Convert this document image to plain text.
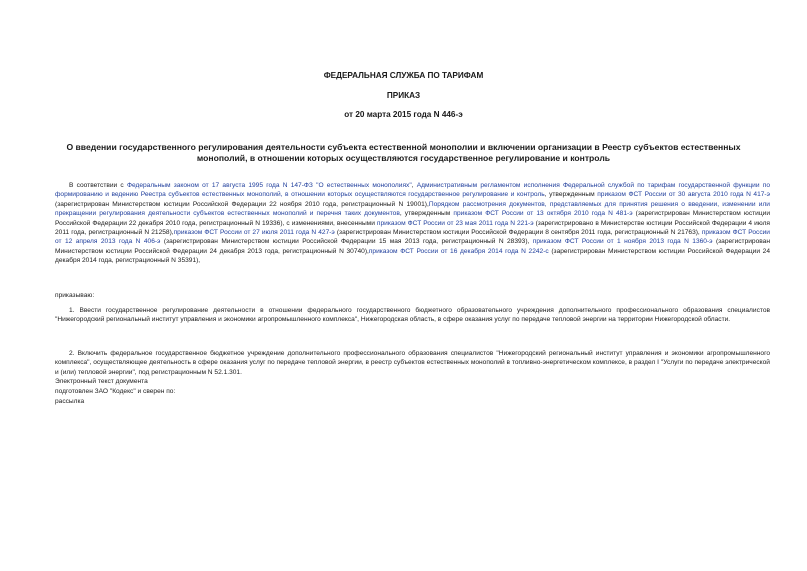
ФЕДЕРАЛЬНАЯ СЛУЖБА ПО ТАРИФАМ
ПРИКАЗ
от 20 марта 2015 года N 446-э
О введении государственного регулирования деятельности субъекта естественной монополии и включении организации в Реестр субъектов естественных монополий, в отношении которых осуществляются государственное регулирование и контроль

В соответствии с Федеральным законом от 17 августа 1995 года N 147-ФЗ "О естественных монополиях", Административным регламентом исполнения Федеральной службой по тарифам государственной функции по формированию и ведению Реестра субъектов естественных монополий, в отношении которых осуществляются государственное регулирование и контроль, утвержденным приказом ФСТ России от 30 августа 2010 года N 417-э (зарегистрирован Министерством юстиции Российской Федерации 22 ноября 2010 года, регистрационный N 19001),Порядком рассмотрения документов, представляемых для принятия решения о введении, изменении или прекращении регулирования деятельности субъектов естественных монополий и перечня таких документов, утвержденным приказом ФСТ России от 13 октября 2010 года N 481-э (зарегистрирован Министерством юстиции Российской Федерации 22 декабря 2010 года, регистрационный N 19336), с изменениями, внесенными приказом ФСТ России от 23 мая 2011 года N 221-э (зарегистрировано в Министерстве юстиции Российской Федерации 4 июля 2011 года, регистрационный N 21258),приказом ФСТ России от 27 июля 2011 года N 427-э (зарегистрирован Министерством юстиции Российской Федерации 8 сентября 2011 года, регистрационный N 21763), приказом ФСТ России от 12 апреля 2013 года N 406-э (зарегистрирован Министерством юстиции Российской Федерации 15 мая 2013 года, регистрационный N 28393), приказом ФСТ России от 1 ноября 2013 года N 1360-э (зарегистрирован Министерством юстиции Российской Федерации 24 декабря 2013 года, регистрационный N 30740),приказом ФСТ России от 16 декабря 2014 года N 2242-с (зарегистрирован Министерством юстиции Российской Федерации 24 декабря 2014 года, регистрационный N 35391),

приказываю:

1. Ввести государственное регулирование деятельности в отношении федерального государственного бюджетного образовательного учреждения дополнительного профессионального образования специалистов "Нижегородский региональный институт управления и экономики агропромышленного комплекса", Нижегородская область, в сфере оказания услуг по передаче тепловой энергии на территории Нижегородской области.

2. Включить федеральное государственное бюджетное учреждение дополнительного профессионального образования специалистов "Нижегородский региональный институт управления и экономики агропромышленного комплекса", осуществляющее деятельность в сфере оказания услуг по передаче тепловой энергии, в реестр субъектов естественных монополий в топливно-энергетическом комплексе, в раздел I "Услуги по передаче электрической и (или) тепловой энергии", под регистрационным N 52.1.301.

Электронный текст документа
подготовлен ЗАО "Кодекс" и сверен по:
рассылка
